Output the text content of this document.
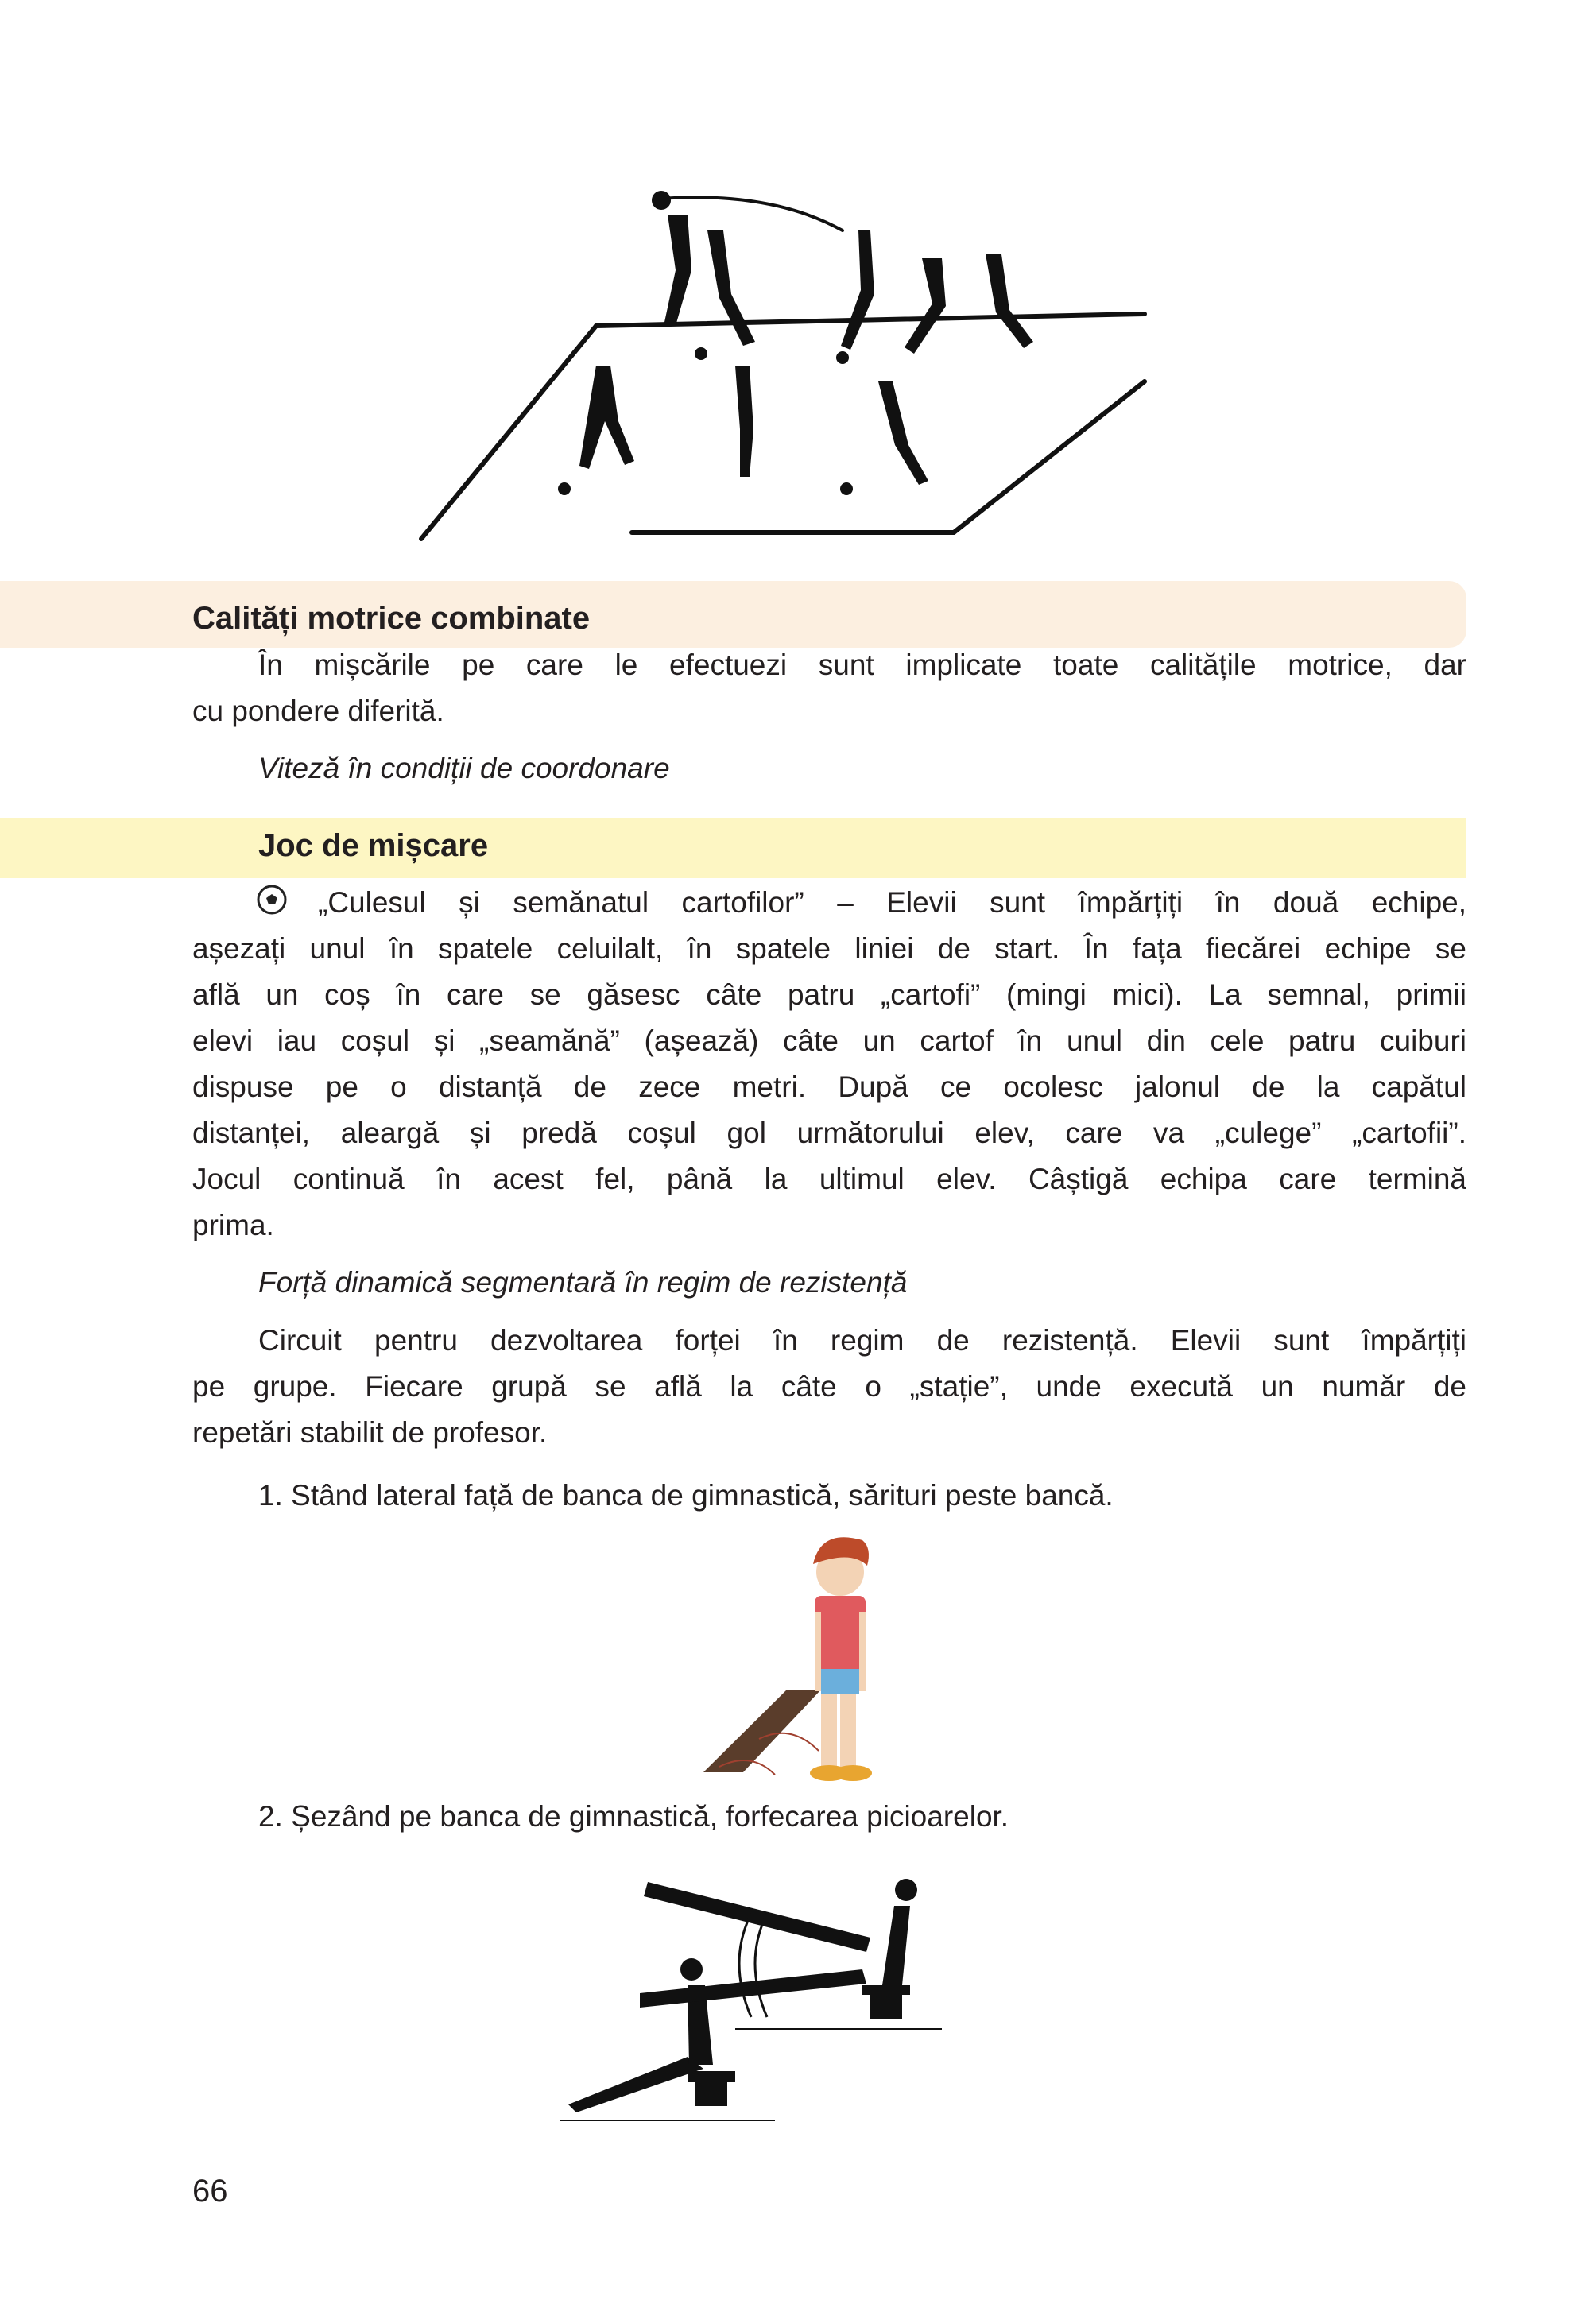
Calități motrice combinate
În mișcările pe care le efectuezi sunt implicate toate calitățile motrice, dar
cu pondere diferită.
Viteză în condiții de coordonare
Joc de mișcare
„Culesul și semănatul cartofilor” – Elevii sunt împărțiți în două echipe,
așezați unul în spatele celuilalt, în spatele liniei de start. În fața fiecărei echipe se
află un coș în care se găsesc câte patru „cartofi” (mingi mici). La semnal, primii
elevi iau coșul și „seamănă” (așează) câte un cartof în unul din cele patru cuiburi
dispuse pe o distanță de zece metri. După ce ocolesc jalonul de la capătul
distanței, aleargă și predă coșul gol următorului elev, care va „culege” „cartofii”.
Jocul continuă în acest fel, până la ultimul elev. Câștigă echipa care termină
prima.
Forță dinamică segmentară în regim de rezistență
Circuit pentru dezvoltarea forței în regim de rezistență. Elevii sunt împărțiți
pe grupe. Fiecare grupă se află la câte o „stație”, unde execută un număr de
repetări stabilit de profesor.
1. Stând lateral față de banca de gimnastică, sărituri peste bancă.
2. Șezând pe banca de gimnastică, forfecarea picioarelor.
66
